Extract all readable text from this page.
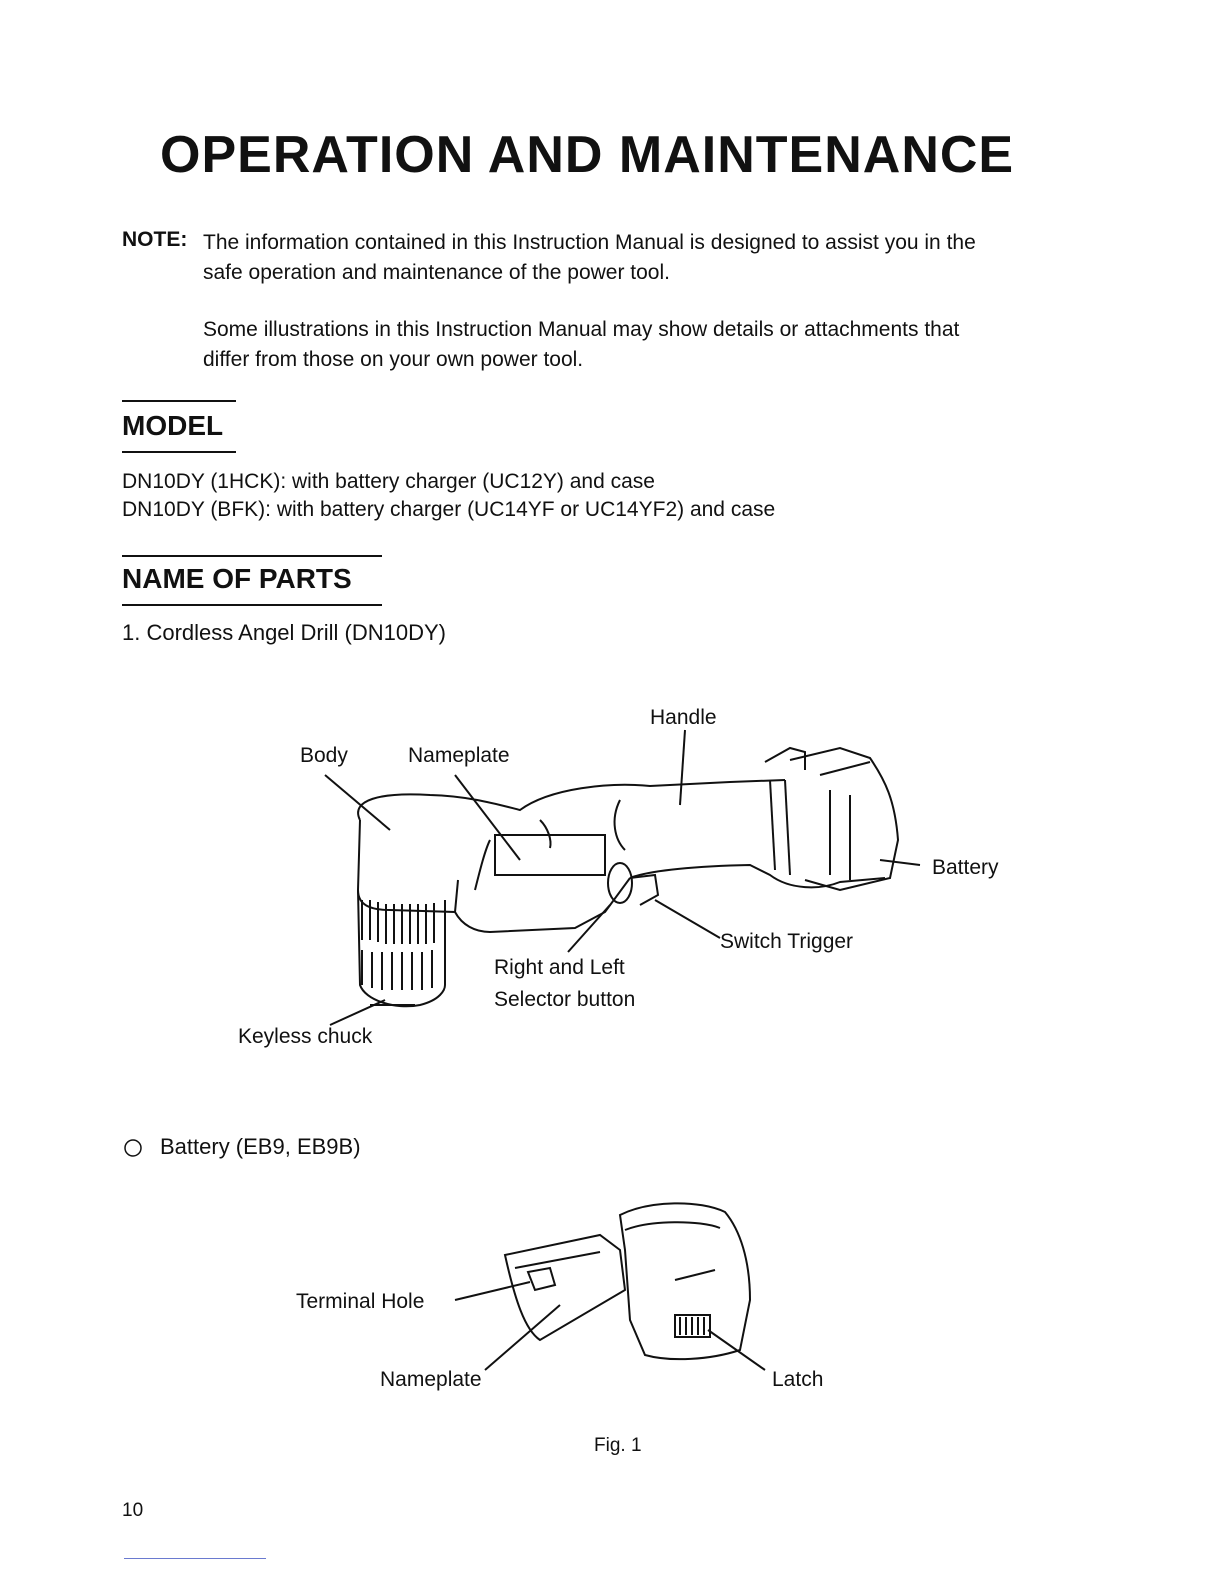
OPERATION AND MAINTENANCE
NOTE: The information contained in this Instruction Manual is designed to assist you in the
safe operation and maintenance of the power tool.
Some illustrations in this Instruction Manual may show details or attachments that
differ from those on your own power tool.
MODEL
DN10DY (1HCK): with battery charger (UC12Y) and case
DN10DY (BFK): with battery charger (UC14YF or UC14YF2) and case
NAME OF PARTS
1. Cordless Angel Drill (DN10DY)
Handle
Body	Nameplate
Battery
Switch Trigger
Right and Left
Selector button
Keyless chuck
Battery (EB9, EB9B)
Terminal Hole
Nameplate	Latch
Fig. 1
10
